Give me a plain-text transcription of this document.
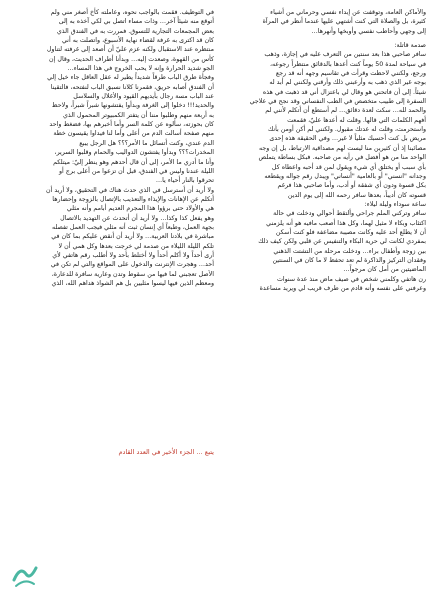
والأماكن العامة، وتوقفت عن إبداء نفسي وحرماني من أشياء

كثيرة، بل والصلاة التي كنت أشتهي عليها عندما أنظر في المرآة

إلى وجهي وأحاطب نفسي وأوبخها وأنهرها…

صدمة قاتلة:

سافر صاحبي هذا بعد سنتين من التعرف عليه في إجازة، وذهب

في سياحة لمدة 50 يوماً كنت أعدها بالدقائق منتظراً رجوعه،

ورجع، ولكنني لاحظت وقرأت في تقاسيم وجهه أنه قد رجع

بوجه غير الذي ذهب به وأرعبني ذلك وأرقني ولكنني لم أبد له

شيئاً. إلى أن فاتحني هو وقال لي باعتزال أني قد ذهبت في هذه

السفرة إلى طبيب متخصص في الطب النفساني وقد نجح في علاجي

والحمد لله… سكت لعدة دقائق… لم أستطع أن أتكلم لأنني لم

أفهم الكلمات التي قالها. وقلت له أعدها عليّ، فقمعت

واستحرمت، وقلت له عدتك مقبول. ولكنني لم أكن أومن بأنك

مريض بل كنت أحسبك مثلياً لا غير… وفي الحقيقة هذه إحدى

مصائبنا إذ أن كثيرين منا ليست لهم مصداقية الارتباط، بل إن وجه

الواحد منا من هو أفضل في رأيه من صاحبه. فبكل بساطة يتملص

بأي سبب أو يختلق أي شيء ويقول لمن قد أحبه واعطاه كل

وجدانه "انسني" أو بالعامية "أنساني" ويبدل رقم جواله ويقطعه

بكل قسوة ودون أي شفقة أو أدب، وأما صاحبي هذا فرغم

قسوته كان أديباً، بعدها سافر رحمه الله إلى يوم الدين

ساعة سوداء وليلة ليلاء:

سافر وتركني الملم جراحي وألتقط أحوالي ودخلت في حالة

اكتئاب وبكاء لا مثيل لهما، وكل هذا أصعب مافيه هو أنه يلزمني

أن لا يطلع أحد عليه وكانت مصيبة مضاعفة فلو كنت أسكن

بمفردي لكانت لي حرية البكاء والتنفيس عن قلبي ولكن كيف ذلك

بين زوجة وأطفال براء… ودخلت مرحلة من التشتت الذهني

وفقدان التركيز والذاكرة لم تعد تحفظ لا ما كان في السنتين

الماضيتين من أمل كان مرجواً…

رن هاتفي وكلمني شخص في صيف ماض منذ عدة سنوات

وعرفني على نفسه وأنه قادم من طرف قريب لي ويريد مساعدة

في التوظيف. فقمت بالواجب نحوه، وعاملته كأخ أصغر مني ولم

أتوقع منه شيئاً آخر… وذات مساء اتصل بي لكي آخذه به إلى

بعض المجمعات التجارية للتسوق. فمررت به في الفندق الذي

كان قد اكترى به غرفة لقضاء نهاية الأسبوع، واتصلت به أني

منتظره عند الاستقبال ولكنه عزم عليّ أن أصعد إلى غرفته لتناول

كأس من القهوة، وصعدت إليه… وبدأنا أطراف الحديث، وقال إن

الجو شديد الحرارة وإنه لا يحب الخروج في هذا المساء…

وفجأة طرق الباب طرقاً شديداً يطير له عقل العاقل جاء خيل إلي

أن الفندق أصابه حريق، فقمرنا كلانا نسبق الباب لنفتحه، فالتقينا

عند الباب مسة رجال بأيديهم القيود والأغلال والسلاسل

والحديد!!! دخلوا إلى الغرفة وبدأوا يفتشونها شبراً شبراً، ولاحظ

به أربعة منهم وطلبوا مننا أن يتفتر الكمبيوتر المحمول الذي

كان بحوزته، سألوه عن كلمة السر وأما أخبرهم بها، فضغط واحد

منهم صفحة أسالت الدم من أعلى وأما لنا فيداوا يقيسون خطة

الدم عندي، وكنت أتسائل ما الأمر؟؟؟ هل الرجل يبيع

المخدرات؟؟؟ وبدأوا يفتشون الدواليب والحمام وقلبوا السرير،

وأنا ما أدري ما الأمر، إلى أن قال أحدهم وهو ينظر إليّ: ميتلكم

الليلة عندنا وليس في الفندق، قبل أن تزعوا من أعلى برج أو

تحرقوا بالنار أحياء يا…

ولا أريد أن أسترسل في الذي حدث هناك في التحقيق، ولا أريد أن

أتكلم عن الإهانات والإيذاء والتعذيب بالإتصال بالزوجة وإحضارها

هي والأولاد حتى برؤوا هذا المجرم العديم أبامم وأنه مثلي

وهو يفعل كذا وكذا… ولا أريد أن أتحدث عن التهديد بالاتصال

بجهة العمل، وطبعاً أي إنسان ثبت أنه مثلي فيجب العمل تفصله

مباشرة في بلادنا العربية… ولا أريد أن أنقض عليكم بما كان في

تلكم الليلة الليلاء من صدمة لي خرجت بعدها وكل همي أن لا

أرى أحداً ولا أكلم أحداً ولا أختلط بأحد ولا أطلب رقم هاتفي لأي

أحد… وهجرت الإنترنت والدخول على المواقع والتي لم تكن في

الأصل تعجبني لما فيها من سقوط وتدن وعارية سافرة للدعارة،

ومعظم الذين فيها ليسوا مثليين بل هم الشواذ هداهم الله، الذي

يتبع … الجزء الأخير في العدد القادم
